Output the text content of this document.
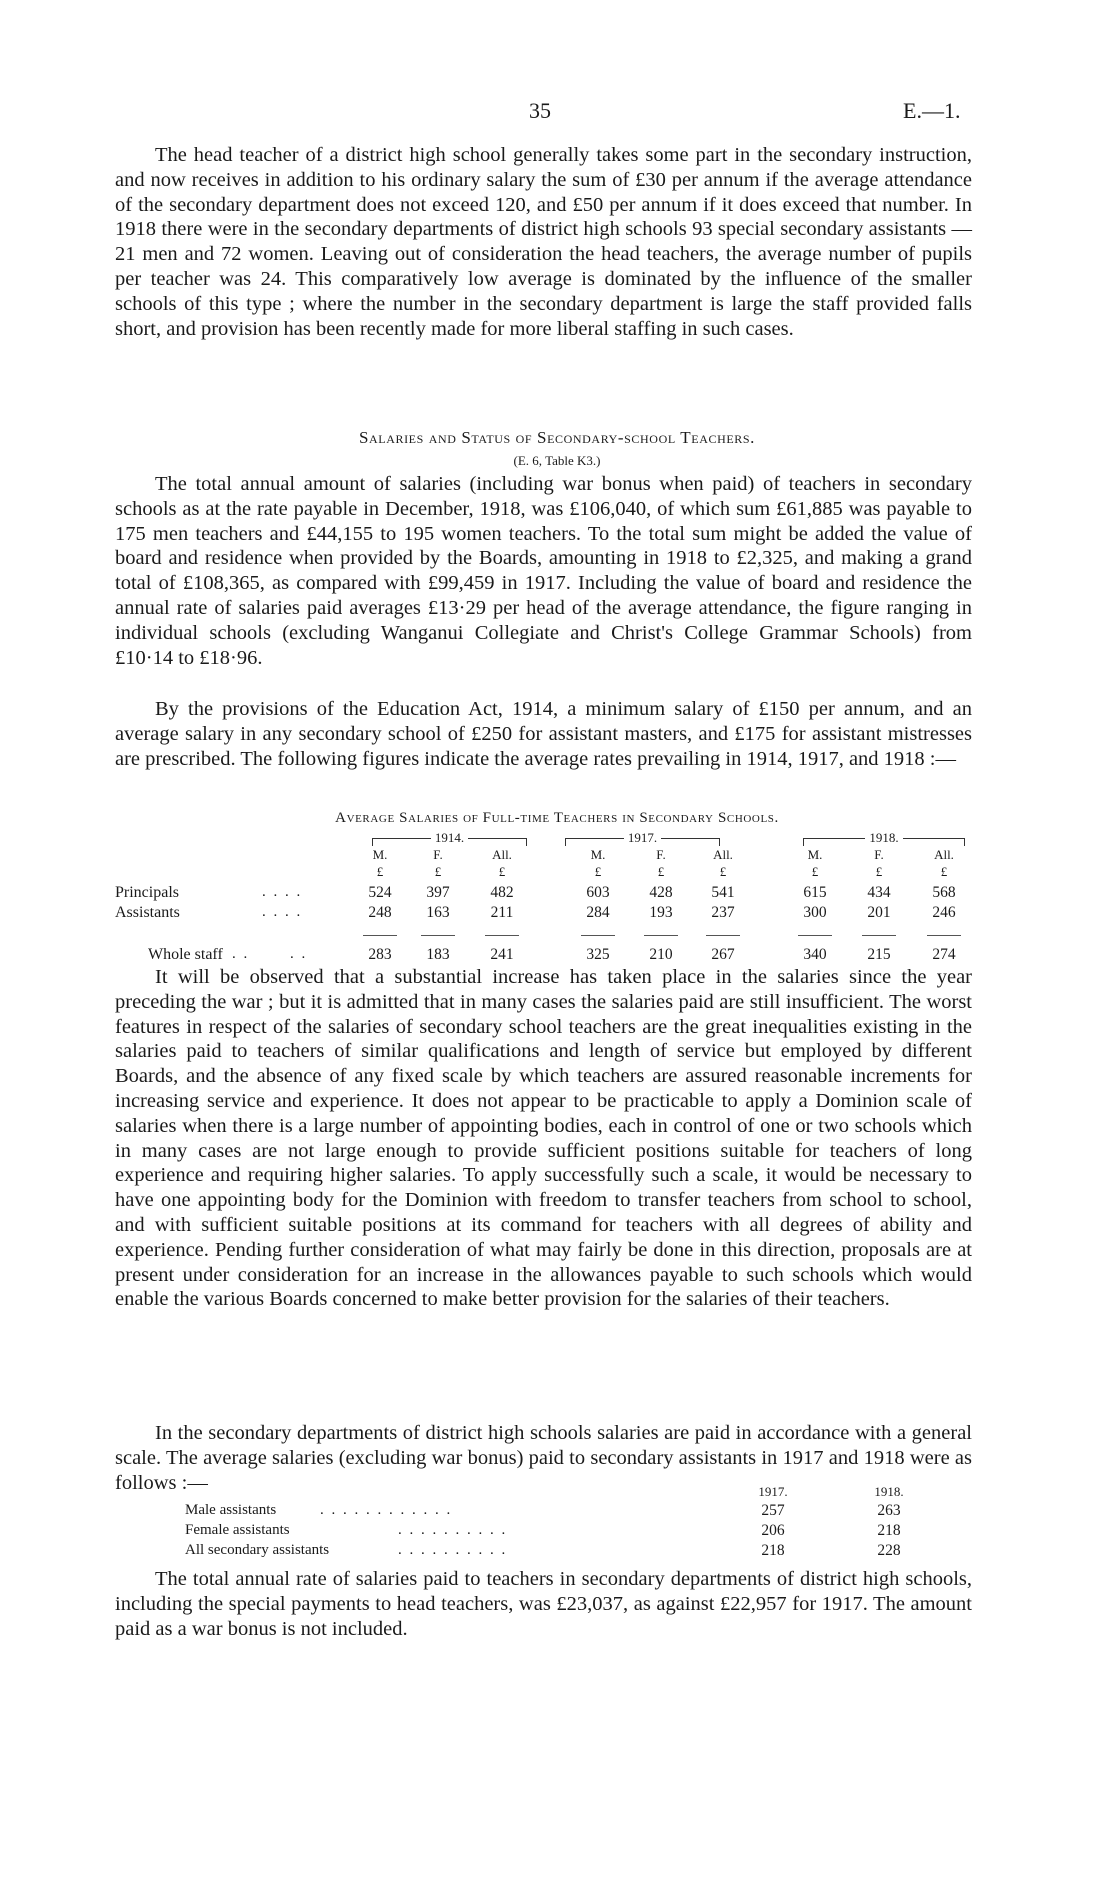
35	E.—1.

The head teacher of a district high school generally takes some part in the secondary instruction, and now receives in addition to his ordinary salary the sum of £30 per annum if the average attendance of the secondary department does not exceed 120, and £50 per annum if it does exceed that number. In 1918 there were in the secondary departments of district high schools 93 special secondary assistants —21 men and 72 women. Leaving out of consideration the head teachers, the average number of pupils per teacher was 24. This comparatively low average is dominated by the influence of the smaller schools of this type ; where the number in the secondary department is large the staff provided falls short, and provision has been recently made for more liberal staffing in such cases.

Salaries and Status of Secondary-school Teachers.
(E. 6, Table K3.)

The total annual amount of salaries (including war bonus when paid) of teachers in secondary schools as at the rate payable in December, 1918, was £106,040, of which sum £61,885 was payable to 175 men teachers and £44,155 to 195 women teachers. To the total sum might be added the value of board and residence when provided by the Boards, amounting in 1918 to £2,325, and making a grand total of £108,365, as compared with £99,459 in 1917. Including the value of board and residence the annual rate of salaries paid averages £13·29 per head of the average attendance, the figure ranging in individual schools (excluding Wanganui Collegiate and Christ's College Grammar Schools) from £10·14 to £18·96.

By the provisions of the Education Act, 1914, a minimum salary of £150 per annum, and an average salary in any secondary school of £250 for assistant masters, and £175 for assistant mistresses are prescribed. The following figures indicate the average rates prevailing in 1914, 1917, and 1918 :—

Average Salaries of Full-time Teachers in Secondary Schools.
1914.	1917.	1918.
M.	F.	All.	M.	F.	All.	M.	F.	All.
£	£	£	£	£	£	£	£	£
Principals	. . . .	524	397	482	603	428	541	615	434	568
Assistants	. . . .	248	163	211	284	193	237	300	201	246
Whole staff . .	. .	283	183	241	325	210	267	340	215	274

It will be observed that a substantial increase has taken place in the salaries since the year preceding the war ; but it is admitted that in many cases the salaries paid are still insufficient. The worst features in respect of the salaries of secondary school teachers are the great inequalities existing in the salaries paid to teachers of similar qualifications and length of service but employed by different Boards, and the absence of any fixed scale by which teachers are assured reasonable increments for increasing service and experience. It does not appear to be practicable to apply a Dominion scale of salaries when there is a large number of appointing bodies, each in control of one or two schools which in many cases are not large enough to provide sufficient positions suitable for teachers of long experience and requiring higher salaries. To apply successfully such a scale, it would be necessary to have one appointing body for the Dominion with freedom to transfer teachers from school to school, and with sufficient suitable positions at its command for teachers with all degrees of ability and experience. Pending further consideration of what may fairly be done in this direction, proposals are at present under consideration for an increase in the allowances payable to such schools which would enable the various Boards concerned to make better provision for the salaries of their teachers.

In the secondary departments of district high schools salaries are paid in accordance with a general scale. The average salaries (excluding war bonus) paid to secondary assistants in 1917 and 1918 were as follows :—	1917.	1918.
Male assistants	. . . . . . . . . . . .	257	263
Female assistants	. . . . . . . . . .	206	218
All secondary assistants	. . . . . . . . . .	218	228

The total annual rate of salaries paid to teachers in secondary departments of district high schools, including the special payments to head teachers, was £23,037, as against £22,957 for 1917. The amount paid as a war bonus is not included.
